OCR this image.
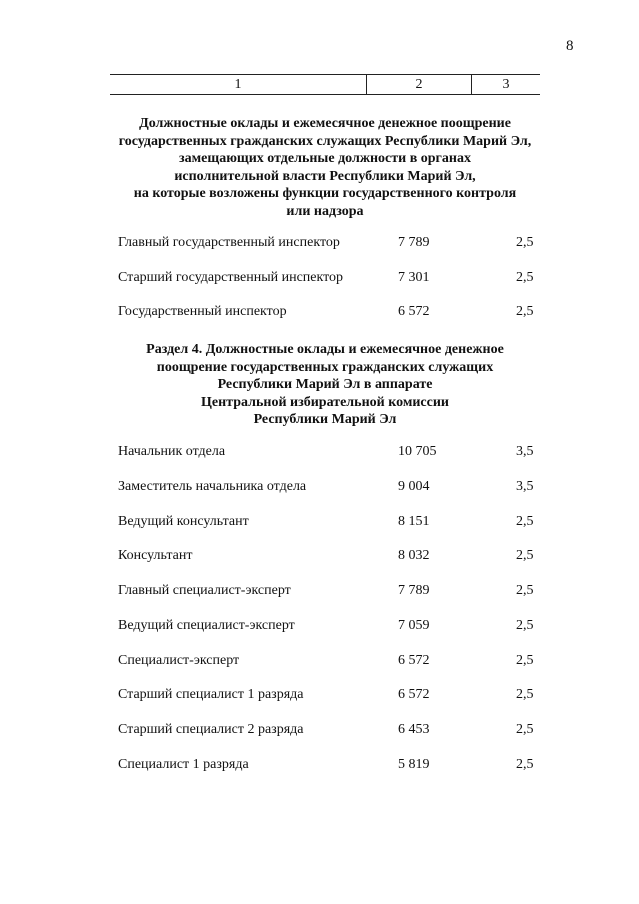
8
1	2	3
Должностные оклады и ежемесячное денежное поощрение
государственных гражданских служащих Республики Марий Эл,
замещающих отдельные должности в органах
исполнительной власти Республики Марий Эл,
на которые возложены функции государственного контроля
или надзора
Главный государственный инспектор	7 789	2,5
Старший государственный инспектор	7 301	2,5
Государственный инспектор	6 572	2,5
Раздел 4. Должностные оклады и ежемесячное денежное
поощрение государственных гражданских служащих
Республики Марий Эл в аппарате
Центральной избирательной комиссии
Республики Марий Эл
Начальник отдела	10 705	3,5
Заместитель начальника отдела	9 004	3,5
Ведущий консультант	8 151	2,5
Консультант	8 032	2,5
Главный специалист-эксперт	7 789	2,5
Ведущий специалист-эксперт	7 059	2,5
Специалист-эксперт	6 572	2,5
Старший специалист 1 разряда	6 572	2,5
Старший специалист 2 разряда	6 453	2,5
Специалист 1 разряда	5 819	2,5
